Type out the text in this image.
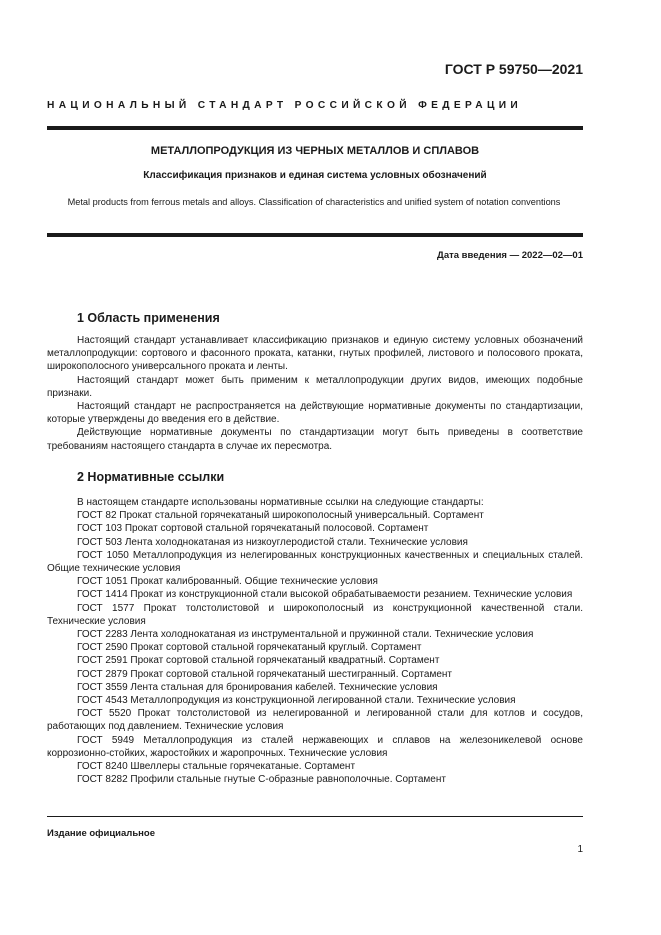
ГОСТ Р 59750—2021
НАЦИОНАЛЬНЫЙ СТАНДАРТ РОССИЙСКОЙ ФЕДЕРАЦИИ
МЕТАЛЛОПРОДУКЦИЯ ИЗ ЧЕРНЫХ МЕТАЛЛОВ И СПЛАВОВ
Классификация признаков и единая система условных обозначений
Metal products from ferrous metals and alloys. Classification of characteristics and unified system of notation conventions
Дата введения — 2022—02—01
1 Область применения

Настоящий стандарт устанавливает классификацию признаков и единую систему условных обозначений металлопродукции: сортового и фасонного проката, катанки, гнутых профилей, листового и полосового проката, широкополосного универсального проката и ленты.

Настоящий стандарт может быть применим к металлопродукции других видов, имеющих подобные признаки.

Настоящий стандарт не распространяется на действующие нормативные документы по стандартизации, которые утверждены до введения его в действие.

Действующие нормативные документы по стандартизации могут быть приведены в соответствие требованиям настоящего стандарта в случае их пересмотра.

2 Нормативные ссылки
В настоящем стандарте использованы нормативные ссылки на следующие стандарты:
ГОСТ 82 Прокат стальной горячекатаный широкополосный универсальный. Сортамент
ГОСТ 103 Прокат сортовой стальной горячекатаный полосовой. Сортамент
ГОСТ 503 Лента холоднокатаная из низкоуглеродистой стали. Технические условия
ГОСТ 1050 Металлопродукция из нелегированных конструкционных качественных и специальных сталей. Общие технические условия
ГОСТ 1051 Прокат калиброванный. Общие технические условия
ГОСТ 1414 Прокат из конструкционной стали высокой обрабатываемости резанием. Технические условия
ГОСТ 1577 Прокат толстолистовой и широкополосный из конструкционной качественной стали. Технические условия
ГОСТ 2283 Лента холоднокатаная из инструментальной и пружинной стали. Технические условия
ГОСТ 2590 Прокат сортовой стальной горячекатаный круглый. Сортамент
ГОСТ 2591 Прокат сортовой стальной горячекатаный квадратный. Сортамент
ГОСТ 2879 Прокат сортовой стальной горячекатаный шестигранный. Сортамент
ГОСТ 3559 Лента стальная для бронирования кабелей. Технические условия
ГОСТ 4543 Металлопродукция из конструкционной легированной стали. Технические условия
ГОСТ 5520 Прокат толстолистовой из нелегированной и легированной стали для котлов и сосудов, работающих под давлением. Технические условия
ГОСТ 5949 Металлопродукция из сталей нержавеющих и сплавов на железоникелевой основе коррозионно-стойких, жаростойких и жаропрочных. Технические условия
ГОСТ 8240 Швеллеры стальные горячекатаные. Сортамент
ГОСТ 8282 Профили стальные гнутые С-образные равнополочные. Сортамент
Издание официальное
1
